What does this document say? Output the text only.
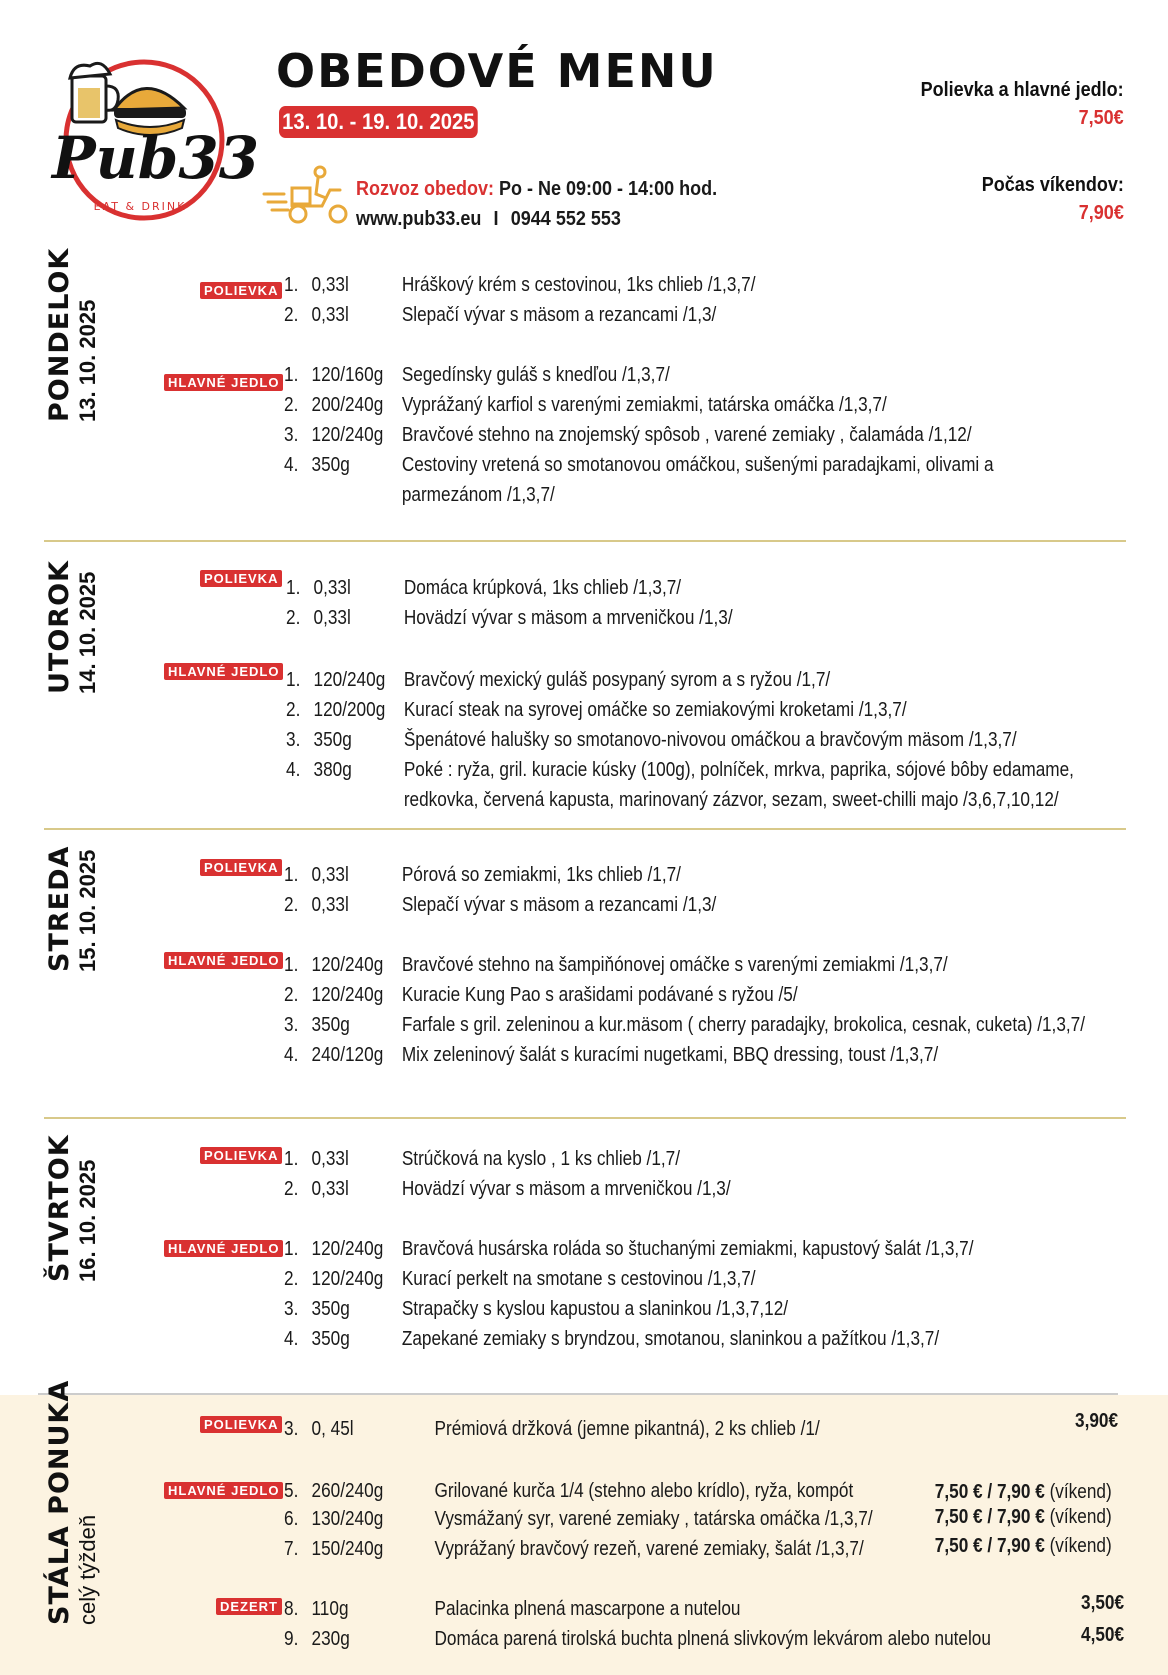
Pub33
EAT & DRINK
OBEDOVÉ MENU
13. 10. - 19. 10. 2025
Rozvoz obedov: Po - Ne 09:00 - 14:00 hod.
www.pub33.eu I 0944 552 553
Polievka a hlavné jedlo:
7,50€
Počas víkendov:
7,90€
PONDELOK 13. 10. 2025
POLIEVKA 1. 0,33l	Hráškový krém s cestovinou, 1ks chlieb /1,3,7/
2. 0,33l	Slepačí vývar s mäsom a rezancami /1,3/
HLAVNÉ JEDLO 1. 120/160g Segedínsky guláš s knedľou /1,3,7/
2. 200/240g Vyprážaný karfiol s varenými zemiakmi, tatárska omáčka /1,3,7/
3. 120/240g Bravčové stehno na znojemský spôsob , varené zemiaky , čalamáda /1,12/
4. 350g	Cestoviny vretená so smotanovou omáčkou, sušenými paradajkami, olivami a
parmezánom /1,3,7/
UTOROK 14. 10. 2025	POLIEVKA 1. 0,33l	Domáca krúpková, 1ks chlieb /1,3,7/
2. 0,33l	Hovädzí vývar s mäsom a mrveničkou /1,3/
HLAVNÉ JEDLO 1. 120/240g Bravčový mexický guláš posypaný syrom a s ryžou /1,7/
2. 120/200g Kurací steak na syrovej omáčke so zemiakovými kroketami /1,3,7/
3. 350g	Špenátové halušky so smotanovo-nivovou omáčkou a bravčovým mäsom /1,3,7/
4. 380g	Poké : ryža, gril. kuracie kúsky (100g), polníček, mrkva, paprika, sójové bôby edamame,
redkovka, červená kapusta, marinovaný zázvor, sezam, sweet-chilli majo /3,6,7,10,12/
STREDA 15. 10. 2025	POLIEVKA 1. 0,33l	Pórová so zemiakmi, 1ks chlieb /1,7/
2. 0,33l	Slepačí vývar s mäsom a rezancami /1,3/
HLAVNÉ JEDLO 1. 120/240g Bravčové stehno na šampiňónovej omáčke s varenými zemiakmi /1,3,7/
2. 120/240g Kuracie Kung Pao s arašidami podávané s ryžou /5/
3. 350g	Farfale s gril. zeleninou a kur.mäsom ( cherry paradajky, brokolica, cesnak, cuketa) /1,3,7/
4. 240/120g Mix zeleninový šalát s kuracími nugetkami, BBQ dressing, toust /1,3,7/
ŠTVRTOK 16. 10. 2025
POLIEVKA 1. 0,33l	Strúčková na kyslo , 1 ks chlieb /1,7/
2. 0,33l	Hovädzí vývar s mäsom a mrveničkou /1,3/
HLAVNÉ JEDLO 1. 120/240g Bravčová husárska roláda so štuchanými zemiakmi, kapustový šalát /1,3,7/
2. 120/240g Kurací perkelt na smotane s cestovinou /1,3,7/
3. 350g	Strapačky s kyslou kapustou a slaninkou /1,3,7,12/
4. 350g	Zapekané zemiaky s bryndzou, smotanou, slaninkou a pažítkou /1,3,7/
STÁLA PONUKA celý týždeň
POLIEVKA 3. 0, 45l	Prémiová držková (jemne pikantná), 2 ks chlieb /1/	3,90€
HLAVNÉ JEDLO 5. 260/240g	Grilované kurča 1/4 (stehno alebo krídlo), ryža, kompót	7,50 € / 7,90 € (víkend)
6. 130/240g	Vysmážaný syr, varené zemiaky , tatárska omáčka /1,3,7/	7,50 € / 7,90 € (víkend)
7. 150/240g	Vyprážaný bravčový rezeň, varené zemiaky, šalát /1,3,7/	7,50 € / 7,90 € (víkend)
DEZERT 8. 110g	Palacinka plnená mascarpone a nutelou	3,50€
9. 230g	Domáca parená tirolská buchta plnená slivkovým lekvárom alebo nutelou	4,50€
